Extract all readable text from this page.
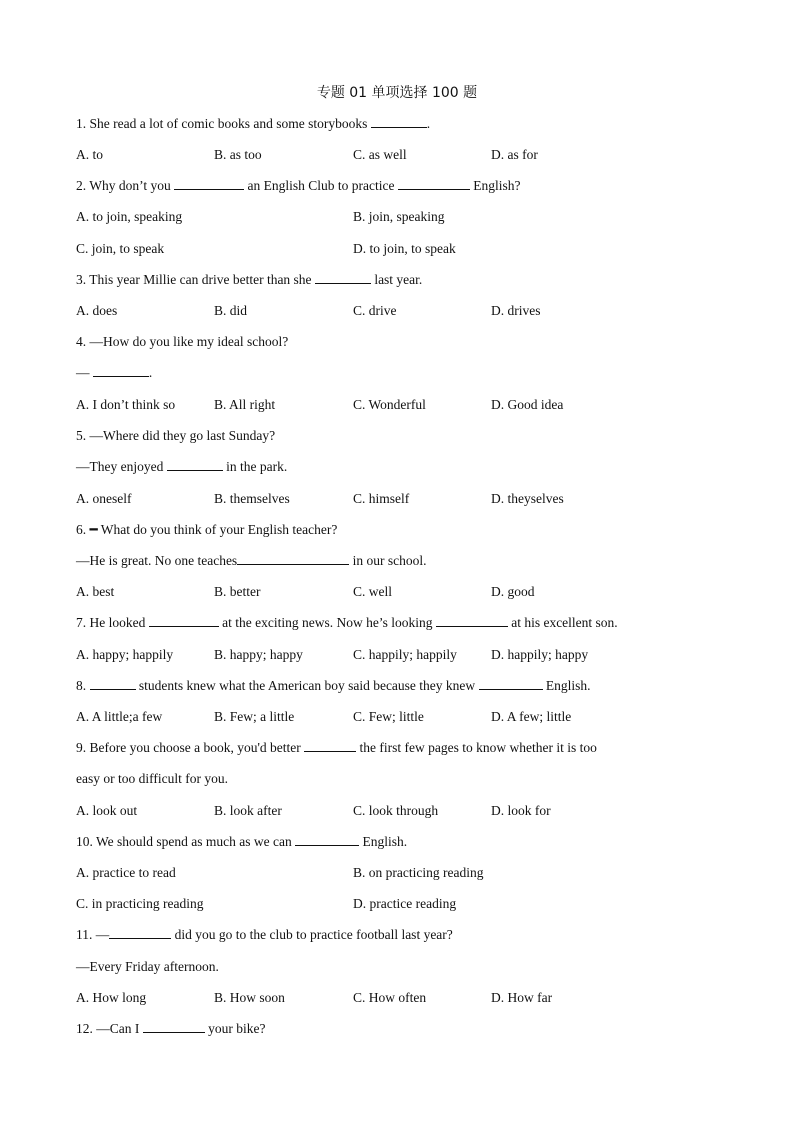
专题 01 单项选择 100 题
1. She read a lot of comic books and some storybooks	.
A. to	B. as too	C. as well	D. as for
2. Why don’t you	an English Club to practice	English?
A. to join, speaking	B. join, speaking
C. join, to speak	D. to join, to speak
3. This year Millie can drive better than she	last year.
A. does	B. did	C. drive	D. drives
4. —How do you like my ideal school?
—	.
A. I don’t think so	B. All right	C. Wonderful	D. Good idea
5. —Where did they go last Sunday?
—They enjoyed	in the park.
A. oneself	B. themselves	C. himself	D. theyselves
6. ━ What do you think of your English teacher?
—He is great. No one teaches	in our school.
A. best	B. better	C. well	D. good
7. He looked	at the exciting news. Now he’s looking	at his excellent son.
A. happy; happily	B. happy; happy	C. happily; happily	D. happily; happy
8.	students knew what the American boy said because they knew	English.
A. A little;a few	B. Few; a little	C. Few; little	D. A few; little
9. Before you choose a book, you'd better	the first few pages to know whether it is too
easy or too difficult for you.
A. look out	B. look after	C. look through	D. look for
10. We should spend as much as we can	English.
A. practice to read	B. on practicing reading
C. in practicing reading	D. practice reading
11. —	did you go to the club to practice football last year?
—Every Friday afternoon.
A. How long	B. How soon	C. How often	D. How far
12. —Can I	your bike?
